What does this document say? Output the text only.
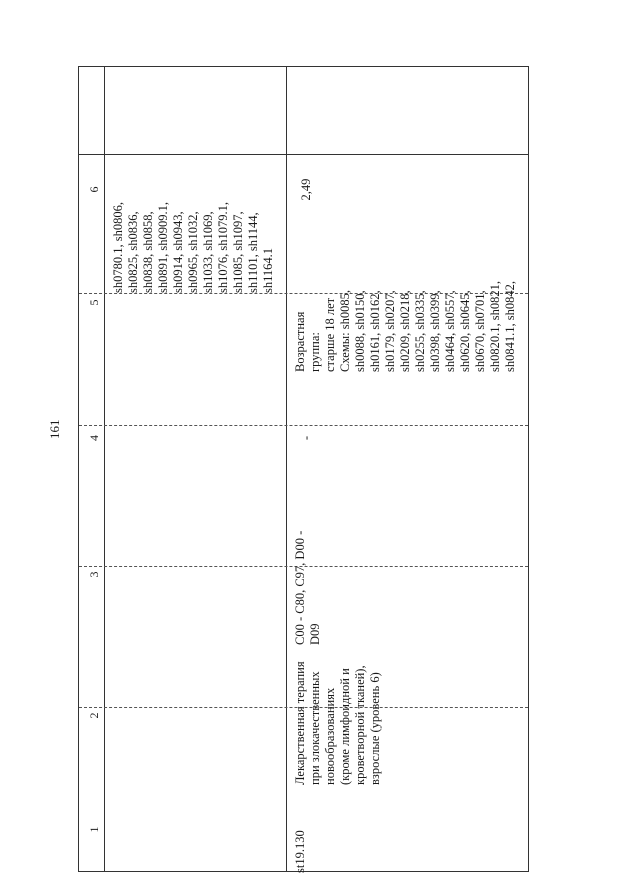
161
1
2
3
4
5
6
sh0780.1, sh0806, sh0825, sh0836, sh0838, sh0858, sh0891, sh0909.1, sh0914, sh0943, sh0965, sh1032, sh1033, sh1069, sh1076, sh1079.1, sh1085, sh1097, sh1101, sh1144, sh1164.1
st19.130
Лекарственная терапия при злокачественных новообразованиях (кроме лимфоидной и кроветворной тканей), взрослые (уровень 6)
C00 - C80, C97, D00 - D09
-
Возрастная группа: старше 18 лет Схемы: sh0085, sh0088, sh0150, sh0161, sh0162, sh0179, sh0207, sh0209, sh0218, sh0255, sh0335, sh0398, sh0399, sh0464, sh0557, sh0620, sh0645, sh0670, sh0701, sh0820.1, sh0821, sh0841.1, sh0842,
2,49
